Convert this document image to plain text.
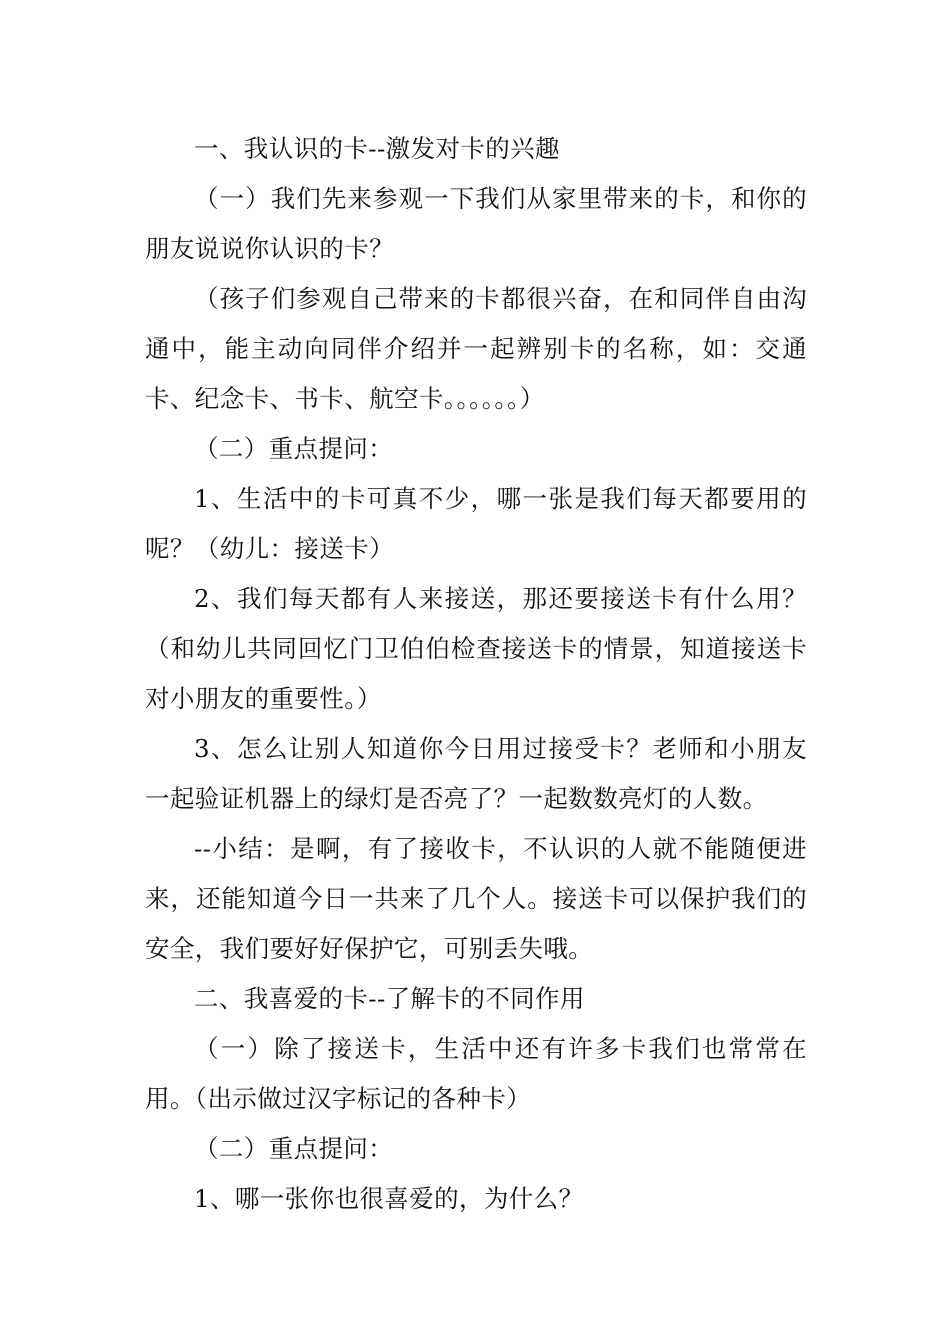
一、我认识的卡--激发对卡的兴趣

（一）我们先来参观一下我们从家里带来的卡，和你的朋友说说你认识的卡？

（孩子们参观自己带来的卡都很兴奋，在和同伴自由沟通中，能主动向同伴介绍并一起辨别卡的名称，如：交通卡、纪念卡、书卡、航空卡。。。。。。）

（二）重点提问：

1、生活中的卡可真不少，哪一张是我们每天都要用的呢？（幼儿：接送卡）

2、我们每天都有人来接送，那还要接送卡有什么用？（和幼儿共同回忆门卫伯伯检查接送卡的情景，知道接送卡对小朋友的重要性。）

3、怎么让别人知道你今日用过接受卡？老师和小朋友一起验证机器上的绿灯是否亮了？一起数数亮灯的人数。

--小结：是啊，有了接收卡，不认识的人就不能随便进来，还能知道今日一共来了几个人。接送卡可以保护我们的安全，我们要好好保护它，可别丢失哦。

二、我喜爱的卡--了解卡的不同作用

（一）除了接送卡，生活中还有许多卡我们也常常在用。（出示做过汉字标记的各种卡）

（二）重点提问：

1、哪一张你也很喜爱的，为什么？
